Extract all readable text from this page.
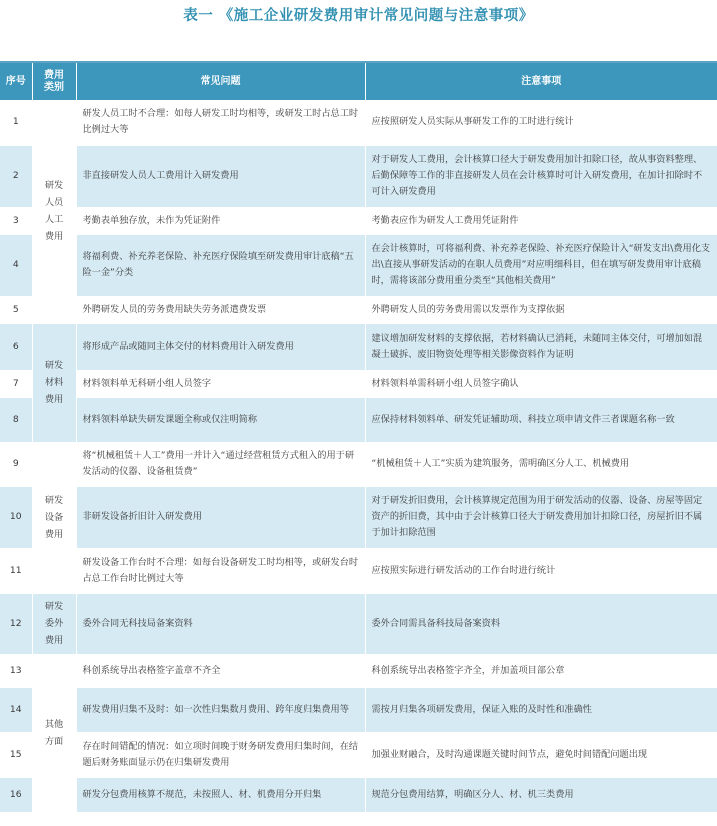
表一 《施工企业研发费用审计常见问题与注意事项》
序号	费用类别	常见问题	注意事项
1	研发人员人工费用	研发人员工时不合理：如每人研发工时均相等，或研发工时占总工时比例过大等	应按照研发人员实际从事研发工作的工时进行统计
2		非直接研发人员人工费用计入研发费用	对于研发人工费用，会计核算口径大于研发费用加计扣除口径，故从事资料整理、后勤保障等工作的非直接研发人员在会计核算时可计入研发费用，在加计扣除时不可计入研发费用
3		考勤表单独存放，未作为凭证附件	考勤表应作为研发人工费用凭证附件
4		将福利费、补充养老保险、补充医疗保险填至研发费用审计底稿“五险一金”分类	在会计核算时，可将福利费、补充养老保险、补充医疗保险计入“研发支出\费用化支出\直接从事研发活动的在职人员费用”对应明细科目，但在填写研发费用审计底稿时，需将该部分费用重分类至“其他相关费用”
5		外聘研发人员的劳务费用缺失劳务派遣费发票	外聘研发人员的劳务费用需以发票作为支撑依据
6	研发材料费用	将形成产品或随同主体交付的材料费用计入研发费用	建议增加研发材料的支撑依据，若材料确认已消耗，未随同主体交付，可增加如混凝土破拆、废旧物资处理等相关影像资料作为证明
7		材料领料单无科研小组人员签字	材料领料单需科研小组人员签字确认
8		材料领料单缺失研发课题全称或仅注明简称	应保持材料领料单、研发凭证辅助项、科技立项申请文件三者课题名称一致
9	研发设备费用	将“机械租赁＋人工”费用一并计入“通过经营租赁方式租入的用于研发活动的仪器、设备租赁费”	“机械租赁＋人工”实质为建筑服务，需明确区分人工、机械费用
10		非研发设备折旧计入研发费用	对于研发折旧费用，会计核算规定范围为用于研发活动的仪器、设备、房屋等固定资产的折旧费，其中由于会计核算口径大于研发费用加计扣除口径，房屋折旧不属于加计扣除范围
11		研发设备工作台时不合理：如每台设备研发工时均相等，或研发台时占总工作台时比例过大等	应按照实际进行研发活动的工作台时进行统计
12	研发委外费用	委外合同无科技局备案资料	委外合同需具备科技局备案资料
13	其他方面	科创系统导出表格签字盖章不齐全	科创系统导出表格签字齐全，并加盖项目部公章
14		研发费用归集不及时：如一次性归集数月费用、跨年度归集费用等	需按月归集各项研发费用，保证入账的及时性和准确性
15		存在时间错配的情况：如立项时间晚于财务研发费用归集时间，在结题后财务账面显示仍在归集研发费用	加强业财融合，及时沟通课题关键时间节点，避免时间错配问题出现
16		研发分包费用核算不规范，未按照人、材、机费用分开归集	规范分包费用结算，明确区分人、材、机三类费用
